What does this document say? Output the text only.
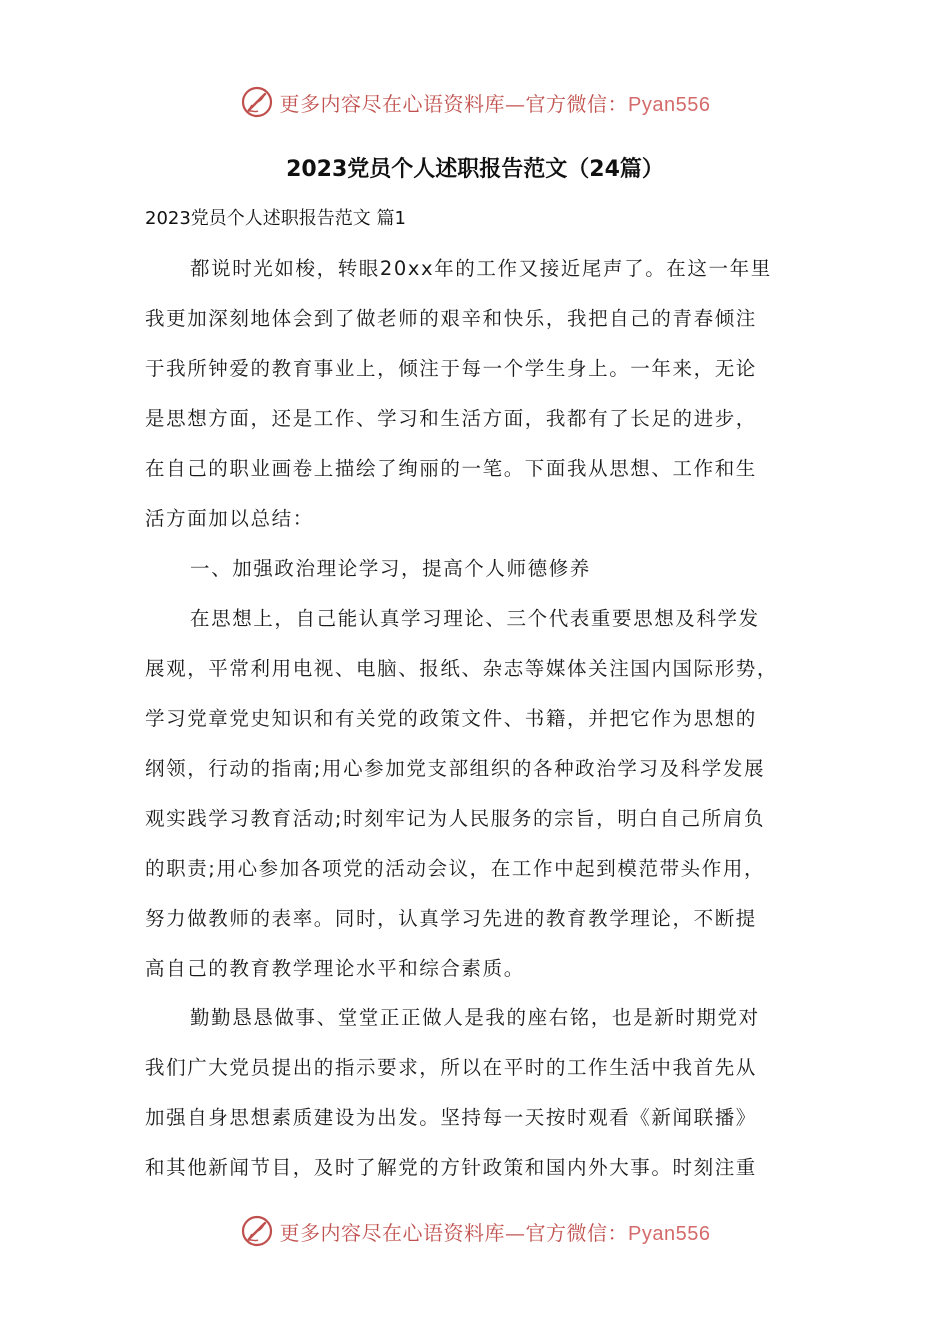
更多内容尽在心语资料库—官方微信：Pyan556
2023党员个人述职报告范文（24篇）

2023党员个人述职报告范文 篇1

都说时光如梭，转眼20xx年的工作又接近尾声了。在这一年里
我更加深刻地体会到了做老师的艰辛和快乐，我把自己的青春倾注
于我所钟爱的教育事业上，倾注于每一个学生身上。一年来，无论
是思想方面，还是工作、学习和生活方面，我都有了长足的进步，
在自己的职业画卷上描绘了绚丽的一笔。下面我从思想、工作和生
活方面加以总结：

一、加强政治理论学习，提高个人师德修养

在思想上，自己能认真学习理论、三个代表重要思想及科学发
展观，平常利用电视、电脑、报纸、杂志等媒体关注国内国际形势，
学习党章党史知识和有关党的政策文件、书籍，并把它作为思想的
纲领，行动的指南;用心参加党支部组织的各种政治学习及科学发展
观实践学习教育活动;时刻牢记为人民服务的宗旨，明白自己所肩负
的职责;用心参加各项党的活动会议，在工作中起到模范带头作用，
努力做教师的表率。同时，认真学习先进的教育教学理论，不断提
高自己的教育教学理论水平和综合素质。

勤勤恳恳做事、堂堂正正做人是我的座右铭，也是新时期党对
我们广大党员提出的指示要求，所以在平时的工作生活中我首先从
加强自身思想素质建设为出发。坚持每一天按时观看《新闻联播》
和其他新闻节目，及时了解党的方针政策和国内外大事。时刻注重

更多内容尽在心语资料库—官方微信：Pyan556
